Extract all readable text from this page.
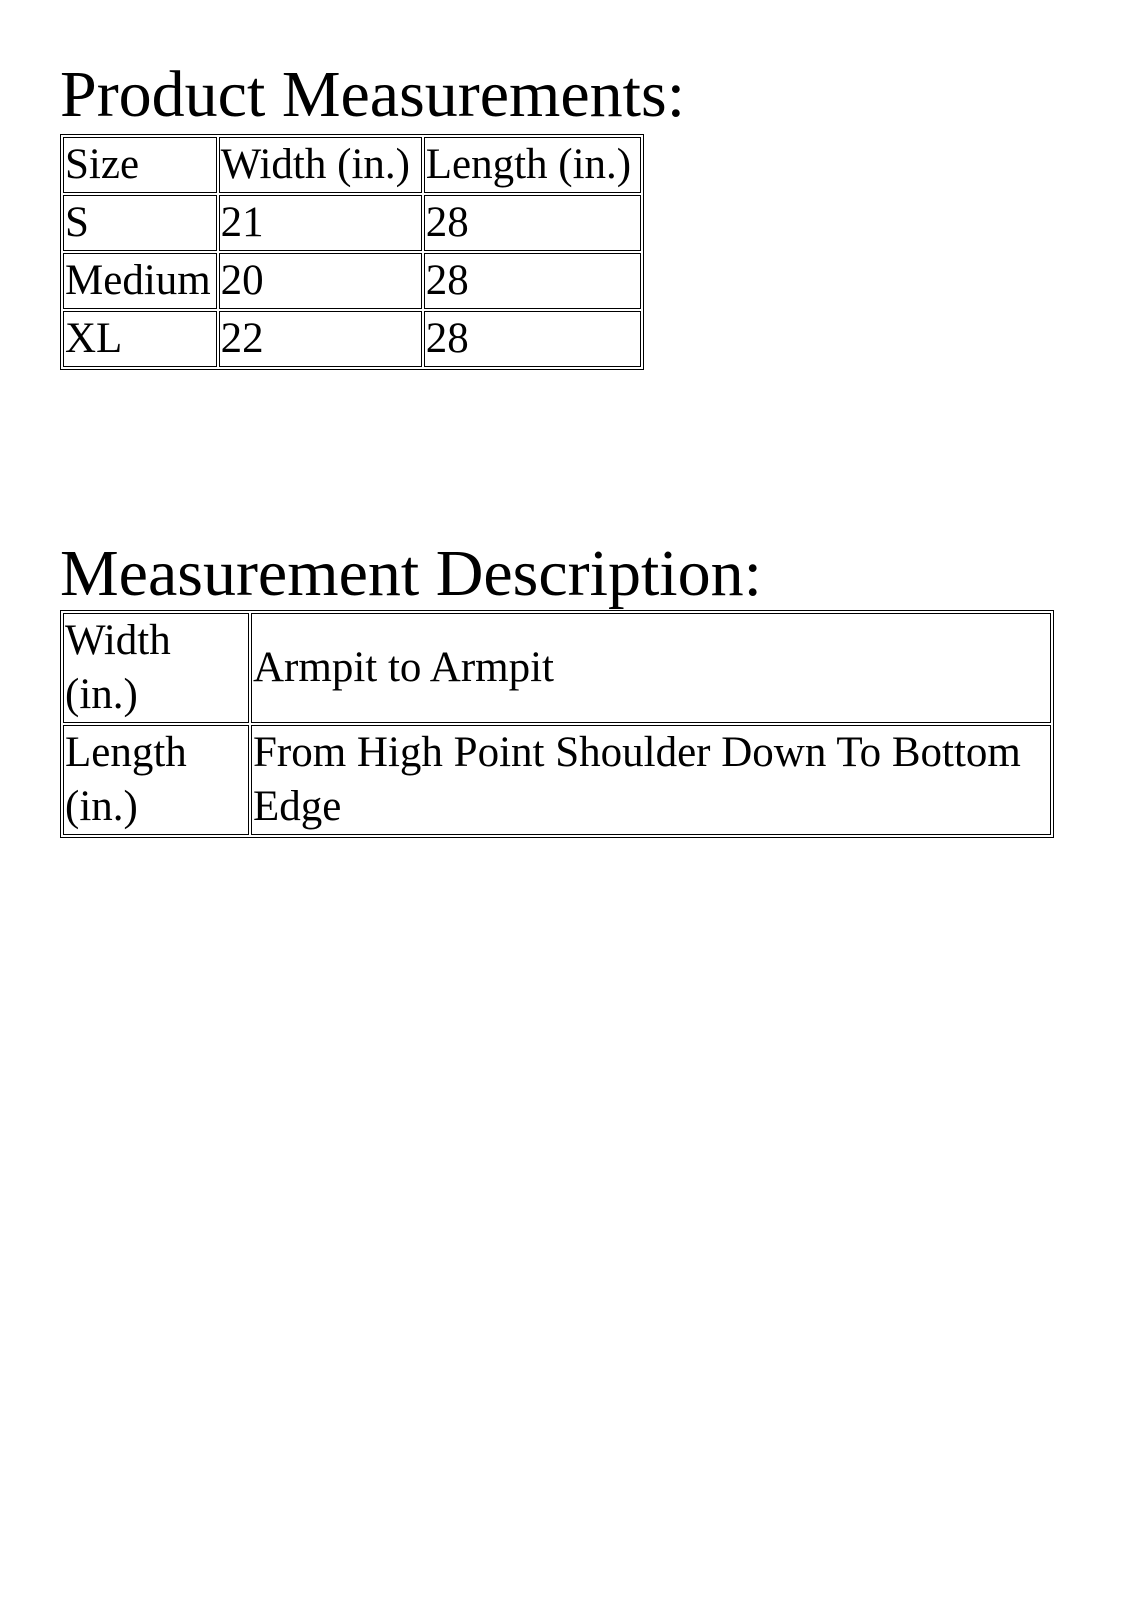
Product Measurements:
Size	Width (in.)	Length (in.)
S	21	28
Medium	20	28
XL	22	28
Measurement Description:
Width (in.)	Armpit to Armpit
Length (in.)	From High Point Shoulder Down To Bottom Edge
